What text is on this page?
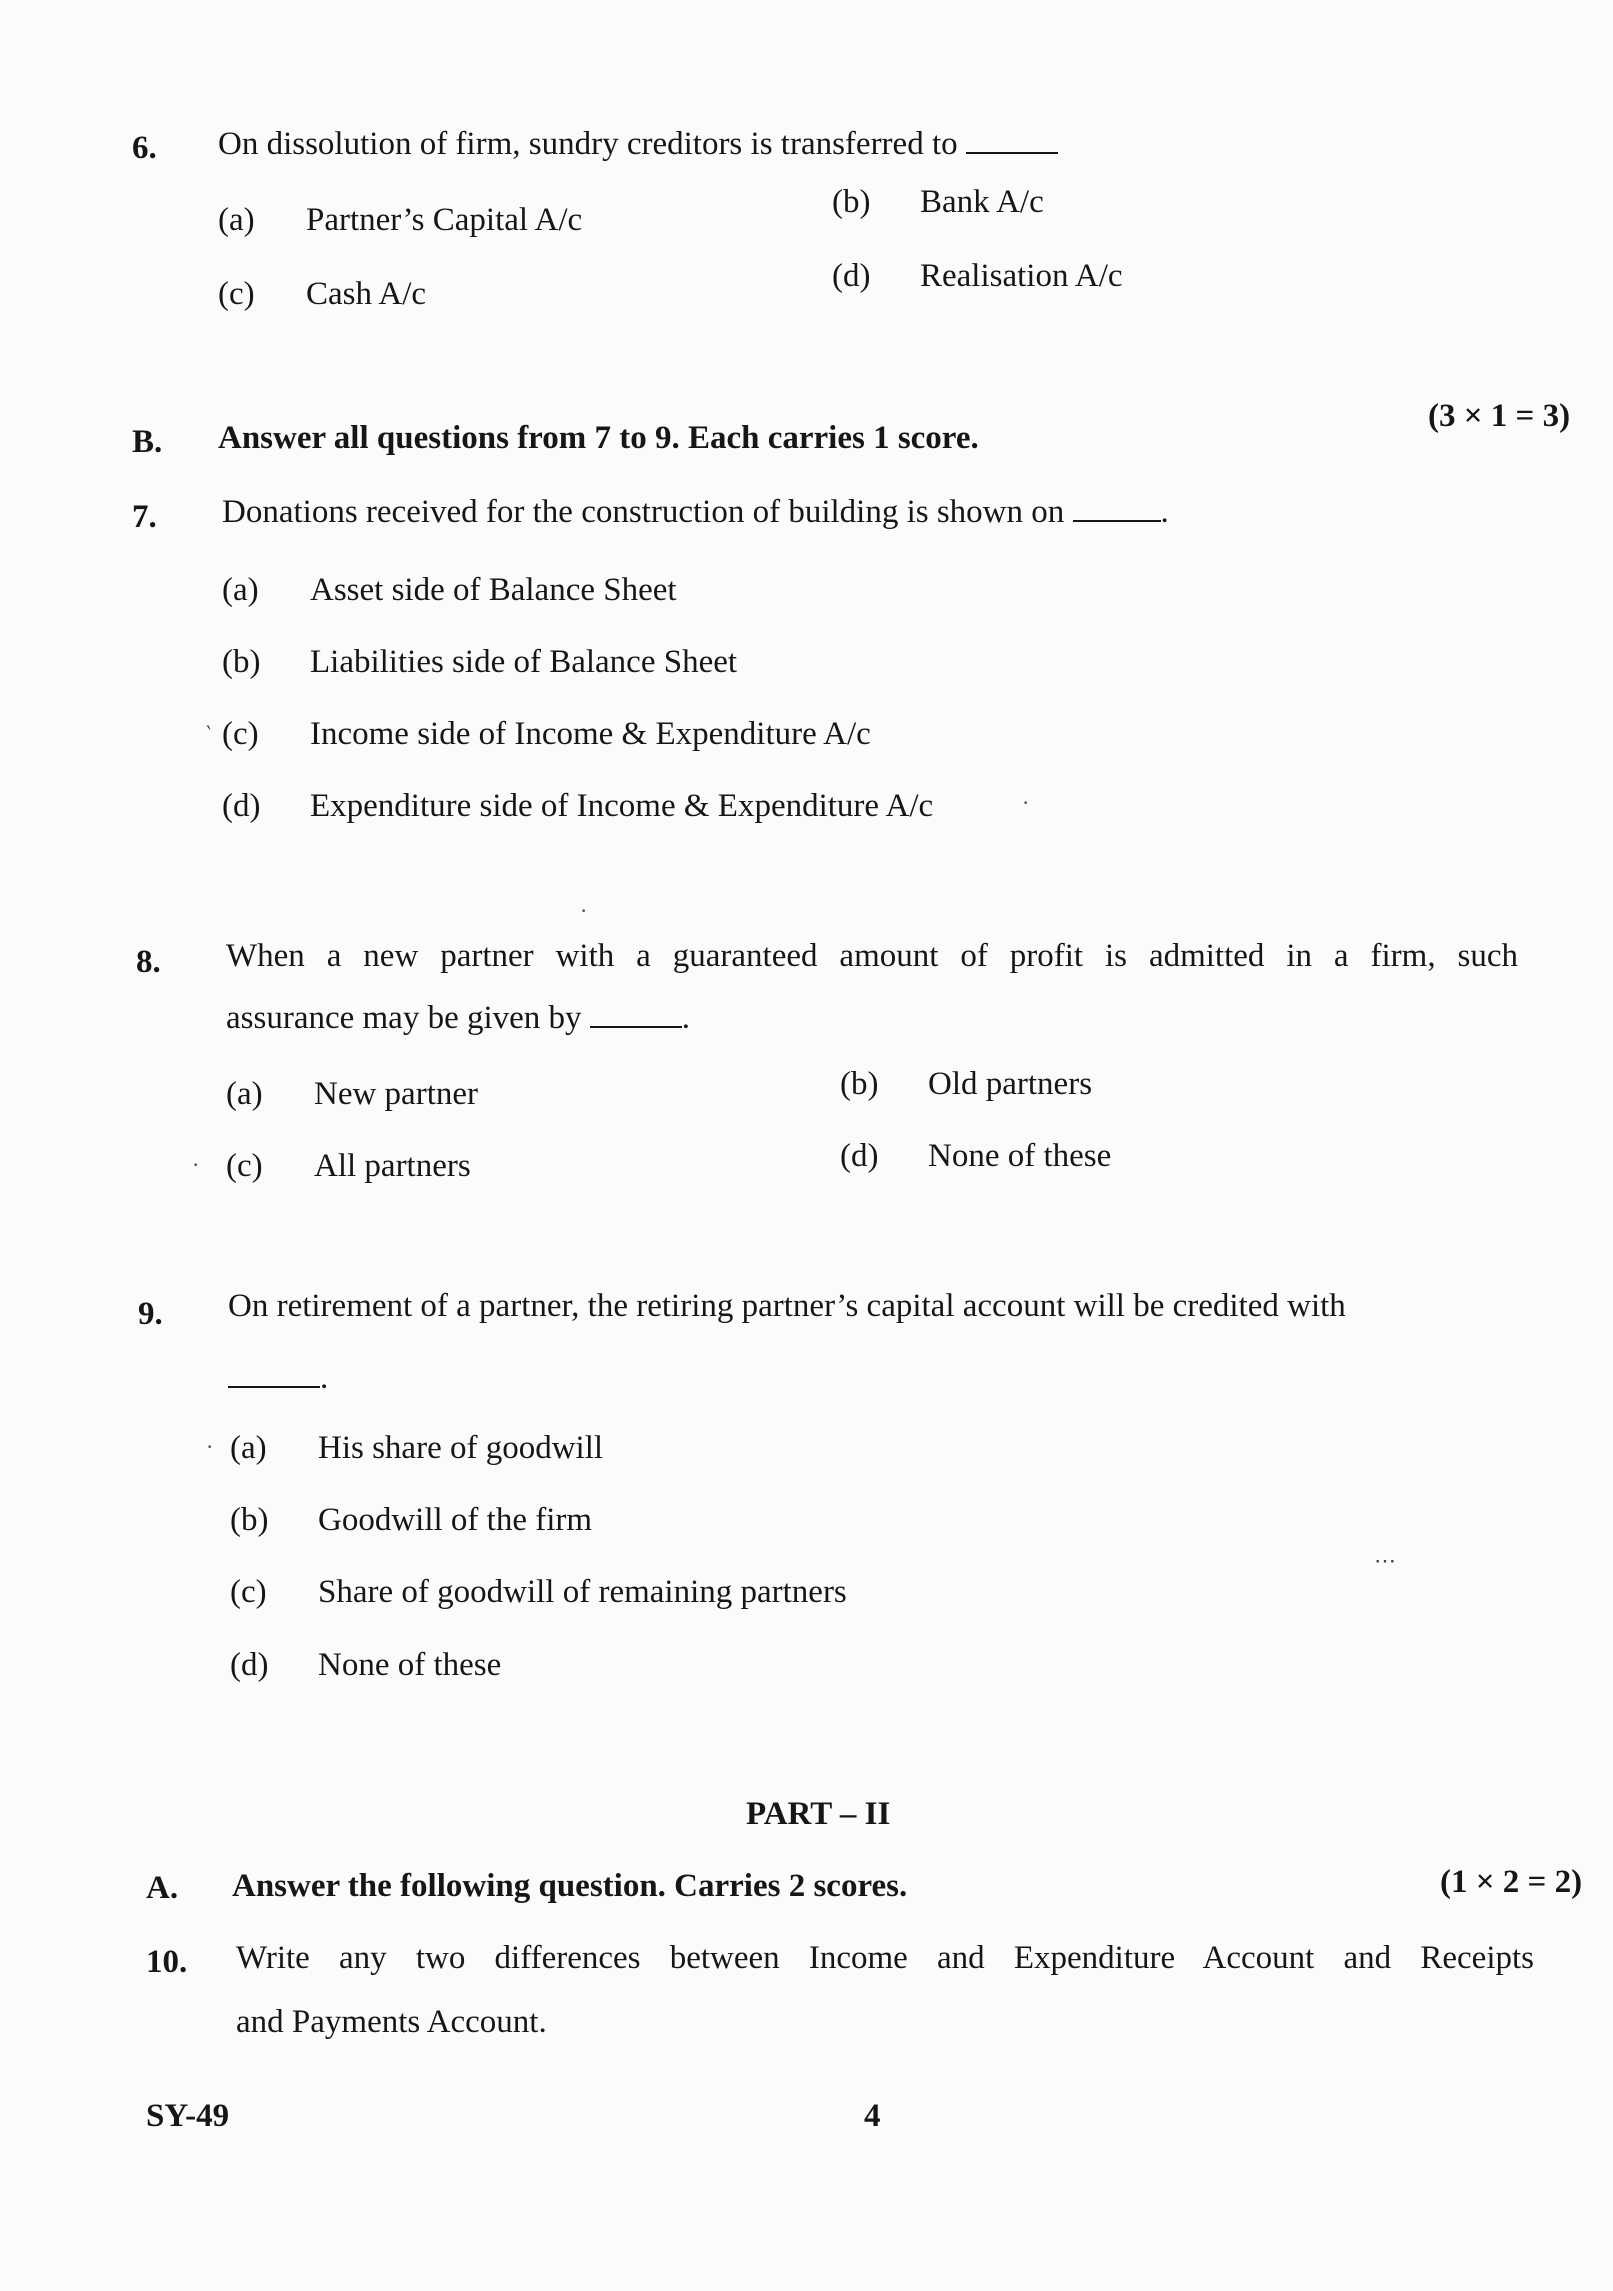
6. On dissolution of firm, sundry creditors is transferred to
(a) Partner’s Capital A/c	(b) Bank A/c
(c) Cash A/c	(d) Realisation A/c
B. Answer all questions from 7 to 9. Each carries 1 score.
(3 × 1 = 3)
7. Donations received for the construction of building is shown on	.
(a) Asset side of Balance Sheet
(b) Liabilities side of Balance Sheet
(c) Income side of Income & Expenditure A/c
(d) Expenditure side of Income & Expenditure A/c
8. When a new partner with a guaranteed amount of profit is admitted in a firm, such
assurance may be given by	.
(a) New partner	(b) Old partners
(c) All partners	(d) None of these
9. On retirement of a partner, the retiring partner’s capital account will be credited with
.
(a) His share of goodwill
(b) Goodwill of the firm
(c) Share of goodwill of remaining partners
(d) None of these
PART – II
A. Answer the following question. Carries 2 scores.	(1 × 2 = 2)
10. Write any two differences between Income and Expenditure Account and Receipts
and Payments Account.
SY-49	4
‵
·
·
·
⋯
·
